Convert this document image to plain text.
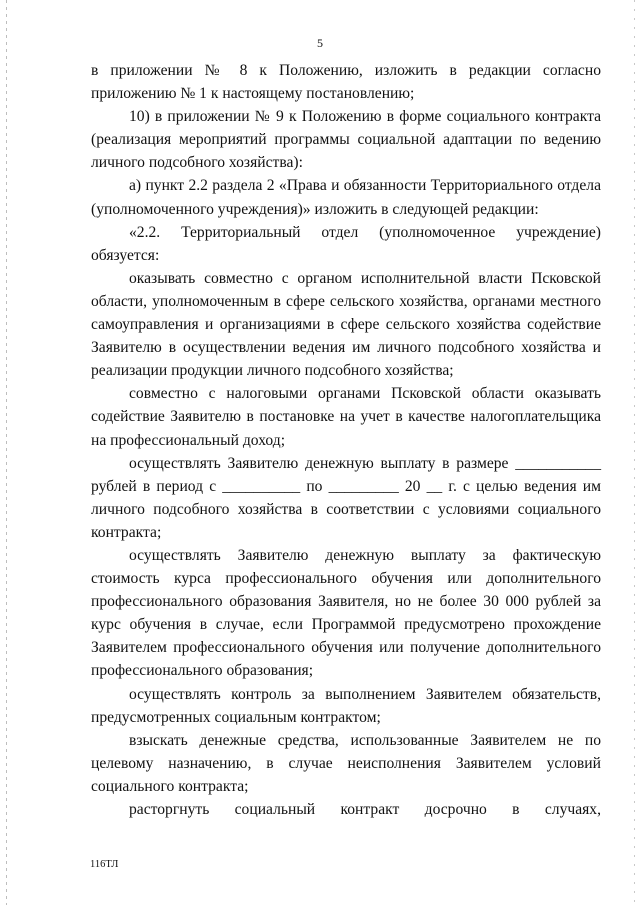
5

в приложении № 8 к Положению, изложить в редакции согласно приложению № 1 к настоящему постановлению;

10) в приложении № 9 к Положению в форме социального контракта (реализация мероприятий программы социальной адаптации по ведению личного подсобного хозяйства):

а) пункт 2.2 раздела 2 «Права и обязанности Территориального отдела (уполномоченного учреждения)» изложить в следующей редакции:

«2.2. Территориальный отдел (уполномоченное учреждение) обязуется:

оказывать совместно с органом исполнительной власти Псковской области, уполномоченным в сфере сельского хозяйства, органами местного самоуправления и организациями в сфере сельского хозяйства содействие Заявителю в осуществлении ведения им личного подсобного хозяйства и реализации продукции личного подсобного хозяйства;

совместно с налоговыми органами Псковской области оказывать содействие Заявителю в постановке на учет в качестве налогоплательщика на профессиональный доход;

осуществлять Заявителю денежную выплату в размере ___________ рублей в период с __________ по _________ 20 __ г. с целью ведения им личного подсобного хозяйства в соответствии с условиями социального контракта;

осуществлять Заявителю денежную выплату за фактическую стоимость курса профессионального обучения или дополнительного профессионального образования Заявителя, но не более 30 000 рублей за курс обучения в случае, если Программой предусмотрено прохождение Заявителем профессионального обучения или получение дополнительного профессионального образования;

осуществлять контроль за выполнением Заявителем обязательств, предусмотренных социальным контрактом;

взыскать денежные средства, использованные Заявителем не по целевому назначению, в случае неисполнения Заявителем условий социального контракта;

расторгнуть социальный контракт досрочно в случаях,

116ТЛ
